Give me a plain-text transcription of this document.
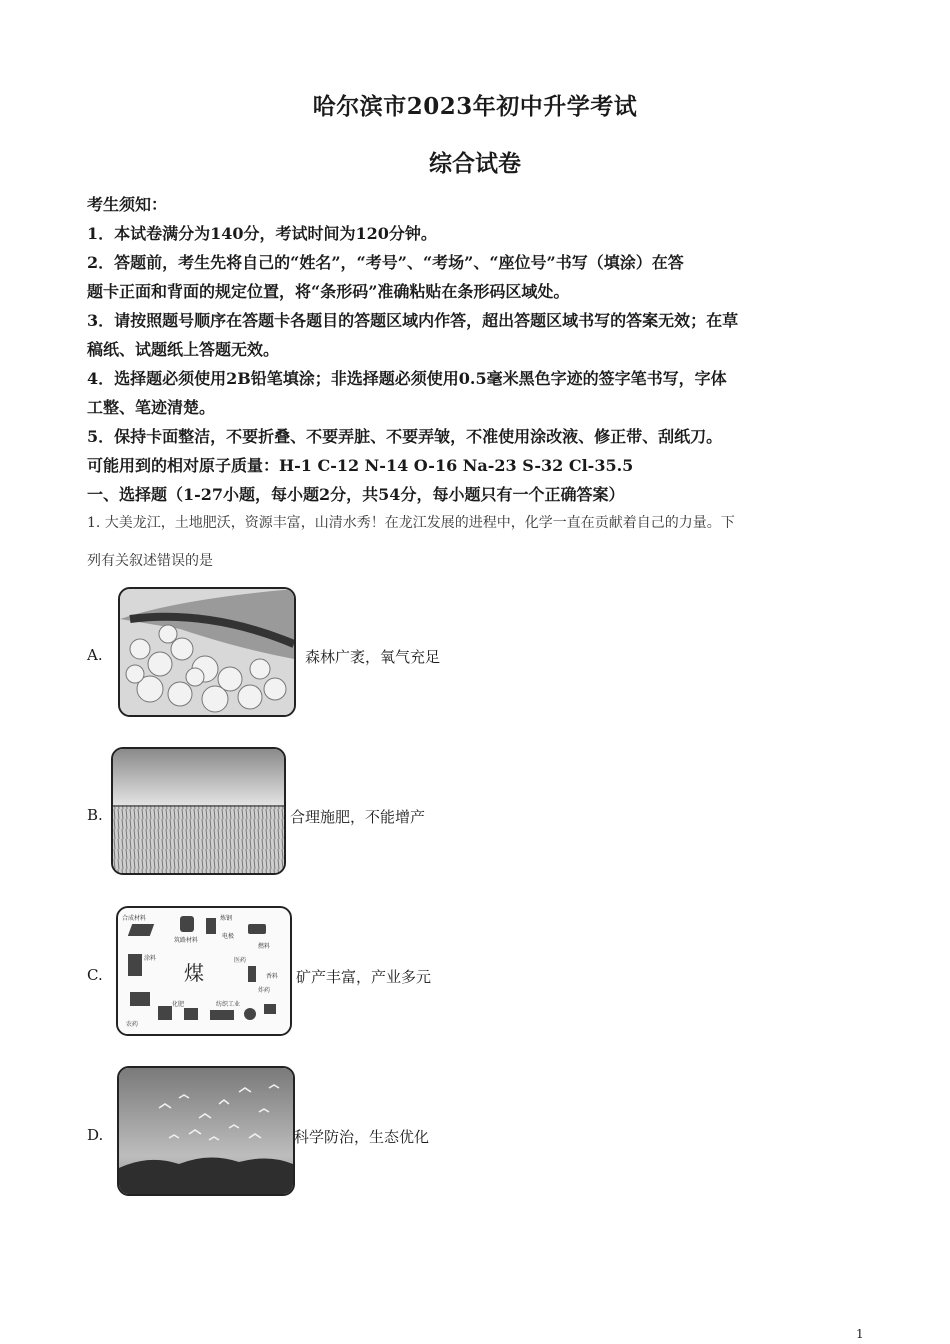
哈尔滨市2023年初中升学考试
综合试卷
考生须知：
1．本试卷满分为140分，考试时间为120分钟。
2．答题前，考生先将自己的“姓名”，“考号”、“考场”、“座位号”书写（填涂）在答
题卡正面和背面的规定位置，将“条形码”准确粘贴在条形码区域处。
3．请按照题号顺序在答题卡各题目的答题区域内作答，超出答题区域书写的答案无效；在草
稿纸、试题纸上答题无效。
4．选择题必须使用2B铅笔填涂；非选择题必须使用0.5毫米黑色字迹的签字笔书写，字体
工整、笔迹清楚。
5．保持卡面整洁，不要折叠、不要弄脏、不要弄皱，不准使用涂改液、修正带、刮纸刀。
可能用到的相对原子质量：H-1 C-12 N-14 O-16 Na-23 S-32 Cl-35.5
一、选择题（1-27小题，每小题2分，共54分，每小题只有一个正确答案）
1. 大美龙江，土地肥沃，资源丰富，山清水秀！在龙江发展的进程中，化学一直在贡献着自己的力量。下
列有关叙述错误的是
A.	森林广袤，氧气充足
B.	合理施肥，不能增产
煤
合成材料	炼钢
筑路材料
电极
涂料	医药
农药
化肥	纺织工业
燃料
炸药
香料
C.	矿产丰富，产业多元
D.	科学防治，生态优化
1
